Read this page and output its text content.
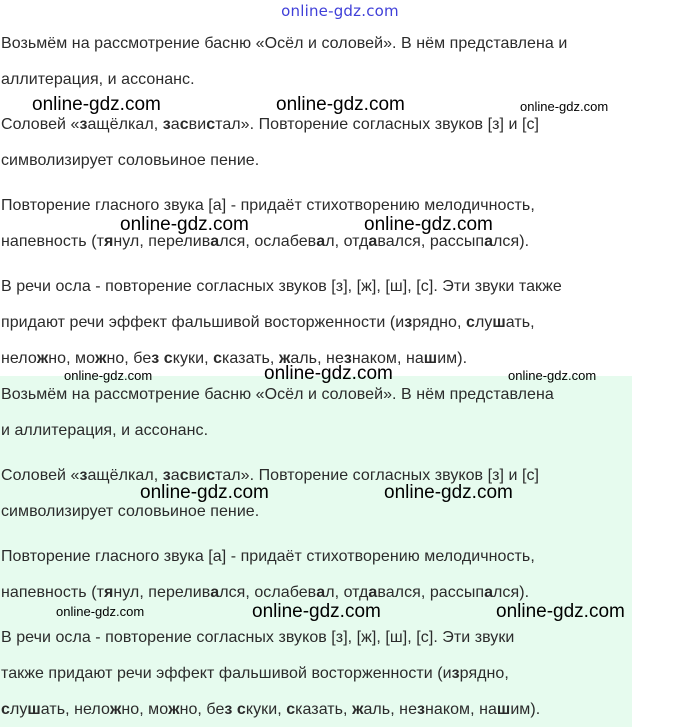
online-gdz.com
Возьмём на рассмотрение басню «Осёл и соловей». В нём представлена и
аллитерация, и ассонанс.
Соловей «защёлкал, засвистал». Повторение согласных звуков [з] и [с]
символизирует соловьиное пение.
Повторение гласного звука [а] - придаёт стихотворению мелодичность,
напевность (тянул, переливался, ослабевал, отдавался, рассыпался).
В речи осла - повторение согласных звуков [з], [ж], [ш], [с]. Эти звуки также
придают речи эффект фальшивой восторженности (изрядно, слушать,
неложно, можно, без скуки, сказать, жаль, незнаком, нашим).
Возьмём на рассмотрение басню «Осёл и соловей». В нём представлена
и аллитерация, и ассонанс.
Соловей «защёлкал, засвистал». Повторение согласных звуков [з] и [с]
символизирует соловьиное пение.
Повторение гласного звука [а] - придаёт стихотворению мелодичность,
напевность (тянул, переливался, ослабевал, отдавался, рассыпался).
В речи осла - повторение согласных звуков [з], [ж], [ш], [с]. Эти звуки
также придают речи эффект фальшивой восторженности (изрядно,
слушать, неложно, можно, без скуки, сказать, жаль, незнаком, нашим).
online-gdz.com	online-gdz.com	online-gdz.com
online-gdz.com	online-gdz.com
online-gdz.com	online-gdz.com	online-gdz.com
online-gdz.com	online-gdz.com
online-gdz.com	online-gdz.com	online-gdz.com
